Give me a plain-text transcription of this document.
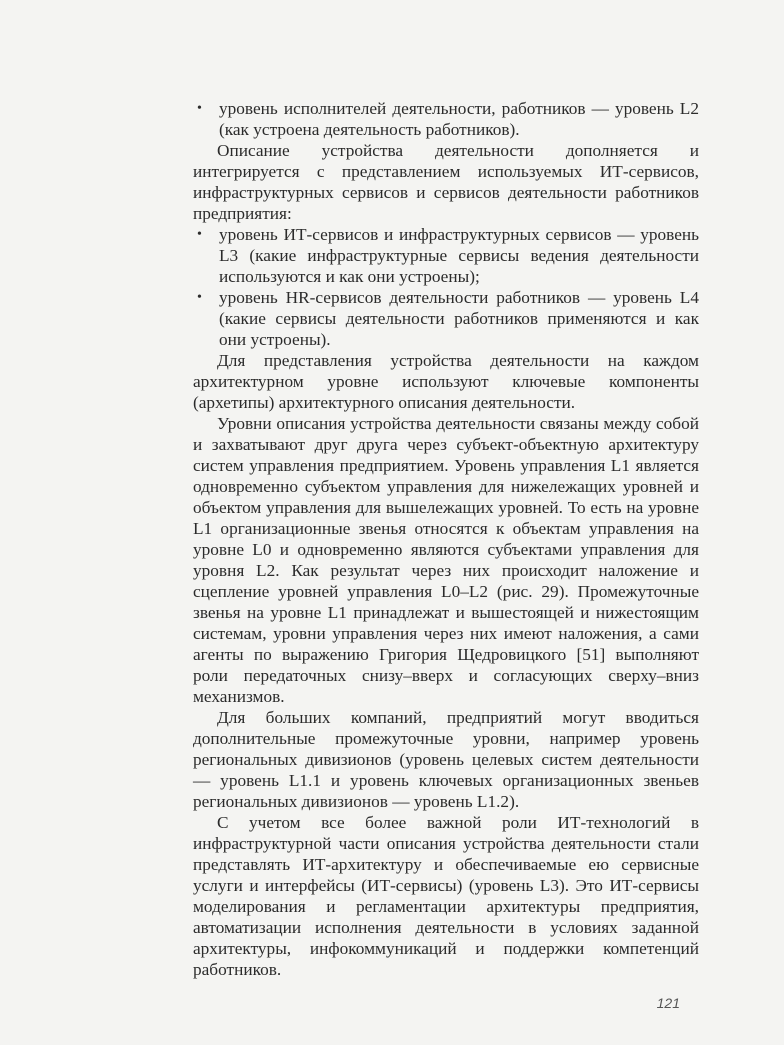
• уровень исполнителей деятельности, работников — уровень L2 (как устроена деятельность работников).

Описание устройства деятельности дополняется и интегрируется с представлением используемых ИТ-сервисов, инфраструктурных сервисов и сервисов деятельности работников предприятия:

• уровень ИТ-сервисов и инфраструктурных сервисов — уровень L3 (какие инфраструктурные сервисы ведения деятельности используются и как они устроены);

• уровень HR-сервисов деятельности работников — уровень L4 (какие сервисы деятельности работников применяются и как они устроены).

Для представления устройства деятельности на каждом архитектурном уровне используют ключевые компоненты (архетипы) архитектурного описания деятельности.

Уровни описания устройства деятельности связаны между собой и захватывают друг друга через субъект-объектную архитектуру систем управления предприятием. Уровень управления L1 является одновременно субъектом управления для нижележащих уровней и объектом управления для вышележащих уровней. То есть на уровне L1 организационные звенья относятся к объектам управления на уровне L0 и одновременно являются субъектами управления для уровня L2. Как результат через них происходит наложение и сцепление уровней управления L0–L2 (рис. 29). Промежуточные звенья на уровне L1 принадлежат и вышестоящей и нижестоящим системам, уровни управления через них имеют наложения, а сами агенты по выражению Григория Щедровицкого [51] выполняют роли передаточных снизу–вверх и согласующих сверху–вниз механизмов.

Для больших компаний, предприятий могут вводиться дополнительные промежуточные уровни, например уровень региональных дивизионов (уровень целевых систем деятельности — уровень L1.1 и уровень ключевых организационных звеньев региональных дивизионов — уровень L1.2).

С учетом все более важной роли ИТ-технологий в инфраструктурной части описания устройства деятельности стали представлять ИТ-архитектуру и обеспечиваемые ею сервисные услуги и интерфейсы (ИТ-сервисы) (уровень L3). Это ИТ-сервисы моделирования и регламентации архитектуры предприятия, автоматизации исполнения деятельности в условиях заданной архитектуры, инфокоммуникаций и поддержки компетенций работников.

121
